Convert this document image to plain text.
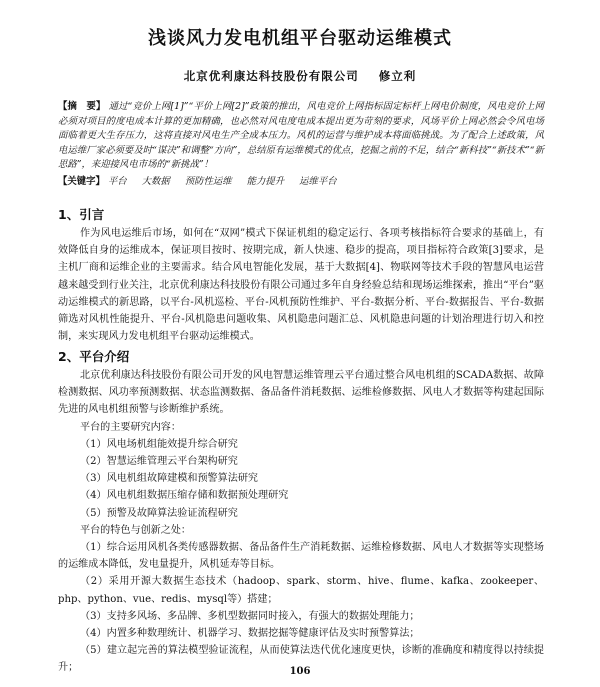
浅谈风力发电机组平台驱动运维模式
北京优利康达科技股份有限公司 修立利
【摘　要】 通过“竞价上网[1]”“平价上网[2]”政策的推出，风电竞价上网指标固定标杆上网电价制度，风电竞价上网必须对项目的度电成本计算的更加精确，也必然对风电度电成本提出更为苛刻的要求，风场平价上网必然会令风电场面临着更大生存压力，这将直接对风电生产全成本压力。风机的运营与维护成本将面临挑战。为了配合上述政策，风电运维厂家必须要及时“谋决”和调整“方向”，总结原有运维模式的优点，挖掘之前的不足，结合“新科技”“新技术”“新思路”，来迎接风电市场的“新挑战”！
【关键字】 平台 大数据 预防性运维 能力提升 运维平台
1、引言
作为风电运维后市场，如何在“双网”模式下保证机组的稳定运行、各项考核指标符合要求的基础上，有效降低自身的运维成本，保证项目按时、按期完成，新人快速、稳步的提高，项目指标符合政策[3]要求，是主机厂商和运维企业的主要需求。结合风电智能化发展，基于大数据[4]、物联网等技术手段的智慧风电运营越来越受到行业关注，北京优利康达科技股份有限公司通过多年自身经验总结和现场运维探索，推出“平台”驱动运维模式的新思路，以平台-风机巡检、平台-风机预防性维护、平台-数据分析、平台-数据报告、平台-数据筛选对风机性能提升、平台-风机隐患问题收集、风机隐患问题汇总、风机隐患问题的计划治理进行切入和控制，来实现风力发电机组平台驱动运维模式。
2、平台介绍

北京优利康达科技股份有限公司开发的风电智慧运维管理云平台通过整合风电机组的SCADA数据、故障检测数据、风功率预测数据、状态监测数据、备品备件消耗数据、运维检修数据、风电人才数据等构建起国际先进的风电机组预警与诊断维护系统。

平台的主要研究内容：

（1）风电场机组能效提升综合研究

（2）智慧运维管理云平台架构研究

（3）风电机组故障建模和预警算法研究

（4）风电机组数据压缩存储和数据预处理研究

（5）预警及故障算法验证流程研究

平台的特色与创新之处：

（1）综合运用风机各类传感器数据、备品备件生产消耗数据、运维检修数据、风电人才数据等实现整场的运维成本降低，发电量提升，风机延寿等目标。

（2）采用开源大数据生态技术（hadoop、spark、storm、hive、flume、kafka、zookeeper、php、python、vue、redis、mysql等）搭建；

（3）支持多风场、多品牌、多机型数据同时接入，有强大的数据处理能力；

（4）内置多种数理统计、机器学习、数据挖掘等健康评估及实时预警算法；

（5）建立起完善的算法模型验证流程，从而使算法迭代优化速度更快，诊断的准确度和精度得以持续提升；	106
